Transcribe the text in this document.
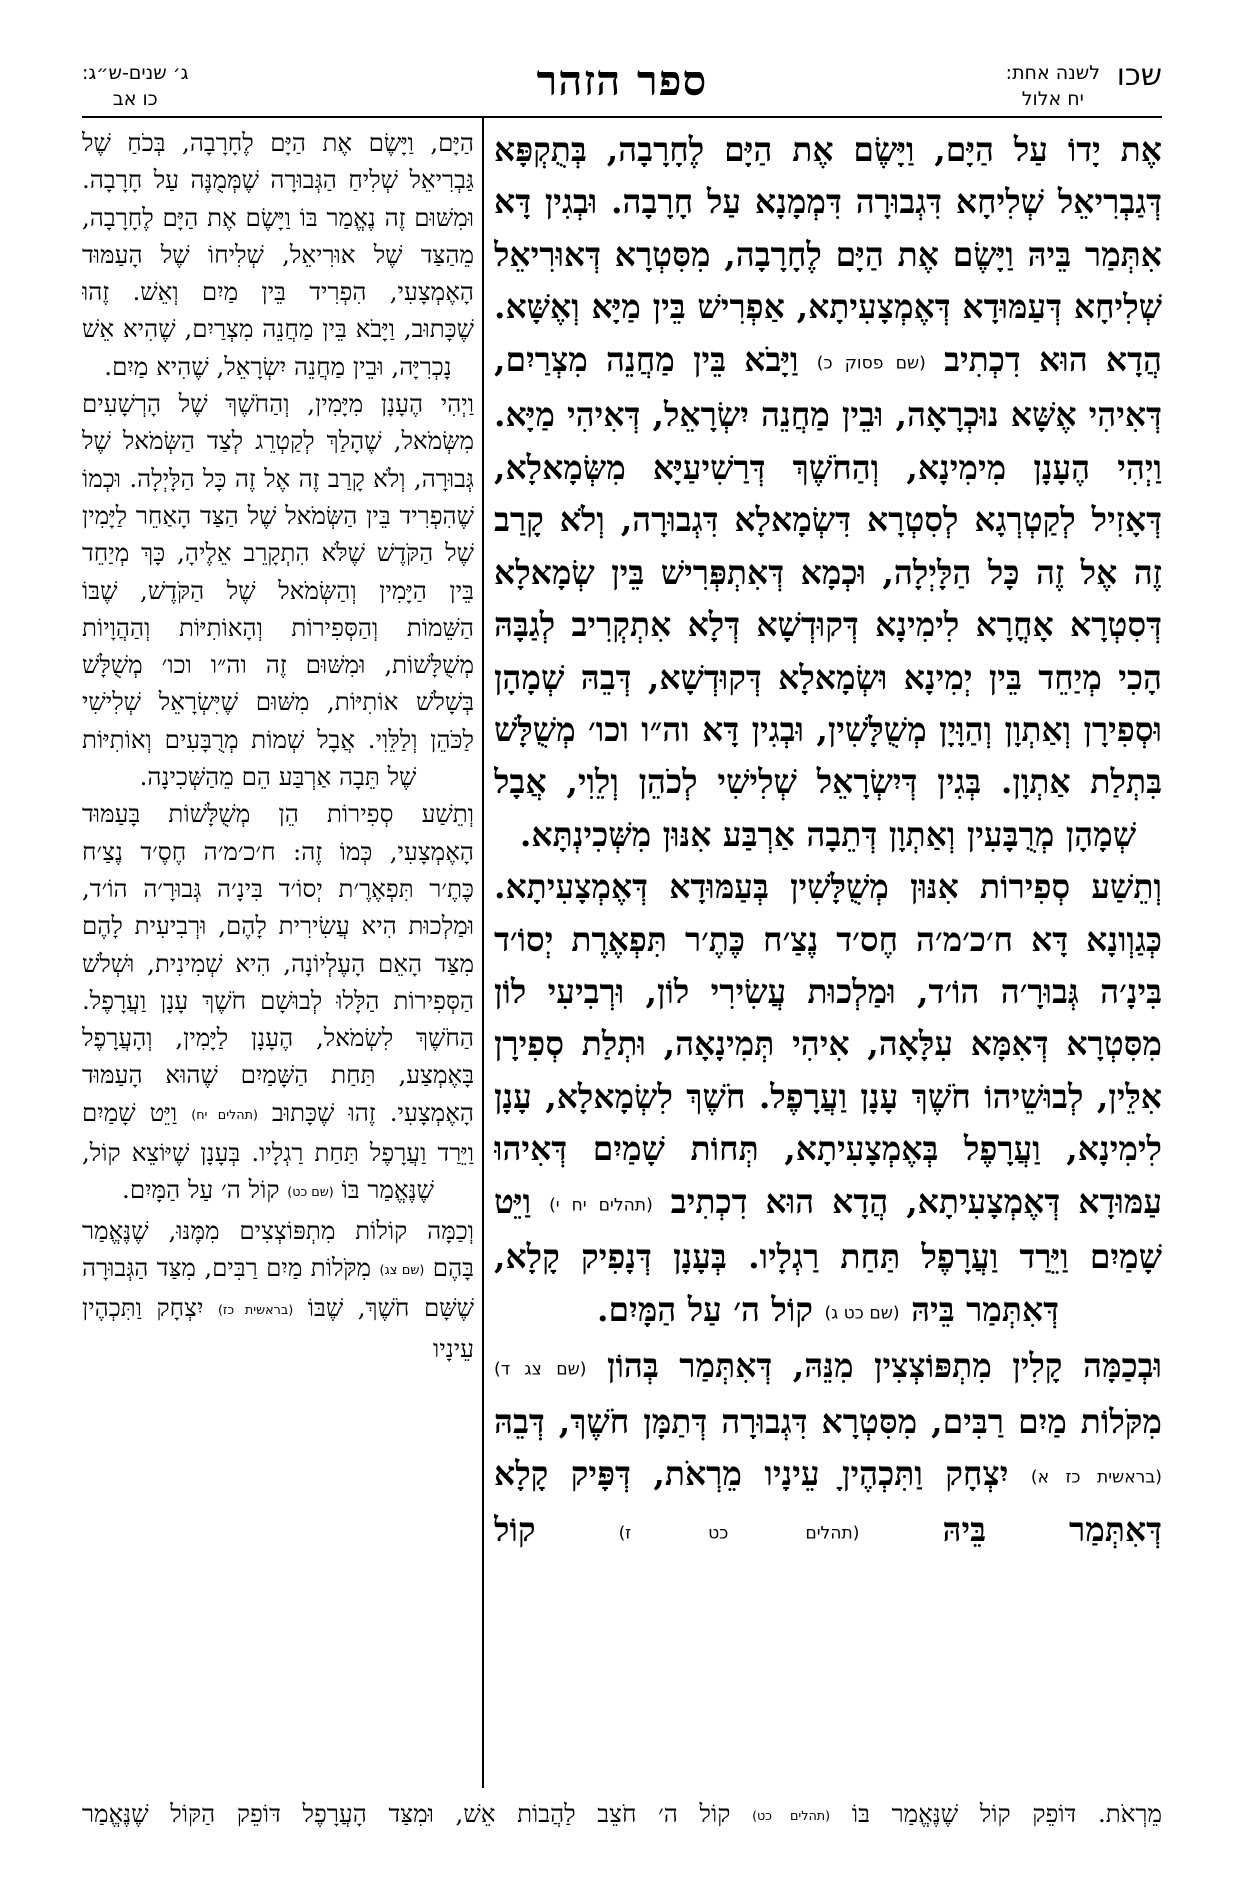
שכו
לשנה אחת:
יח אלול
ספר הזהר
ג׳ שנים-ש״ג:
כו אב

אֶת יָדוֹ עַל הַיָּם, וַיָּשֶׂם אֶת הַיָּם לֶחָרָבָה, בְּתֻקְפָּא דְּגַבְרִיאֵל שְׁלִיחָא דִּגְבוּרָה דִּמְמָנָא עַל חָרָבָה. וּבְגִין דָּא אִתְּמַר בֵּיהּ וַיָּשֶׂם אֶת הַיָּם לֶחָרָבָה, מִסִּטְרָא דְּאוּרִיאֵל שְׁלִיחָא דְּעַמּוּדָא דְּאֶמְצָעִיתָא, אַפְרִישׁ בֵּין מַיָּא וְאֶשָּׁא. הֲדָא הוּא דִכְתִיב (שם פסוק כ) וַיָּבֹא בֵּין מַחֲנֵה מִצְרַיִם, דְּאִיהִי אֶשָּׁא נוּכְרָאָה, וּבֵין מַחֲנֵה יִשְׂרָאֵל, דְּאִיהִי מַיָּא.

וַיְהִי הֶעָנָן מִימִינָא, וְהַחֹשֶׁךְ דְּרַשִׁיעַיָּא מִשְּׂמָאלָא, דְּאָזִיל לְקַטְרְגָא לְסִטְרָא דִּשְׂמָאלָא דִּגְבוּרָה, וְלֹא קָרַב זֶה אֶל זֶה כָּל הַלָּיְלָה, וּכְמָא דְּאִתְפְּרִישׁ בֵּין שְׂמָאלָא דְּסִטְרָא אָחֳרָא לִימִינָא דְּקוּדְשָׁא דְּלָא אִתְקְרִיב לְגַבָּהּ הָכִי מְיַחֵד בֵּין יְמִינָא וּשְׂמָאלָא דְּקוּדְשָׁא, דְּבֵהּ שְׁמָהָן וּסְפִירָן וְאַתְוָן וְהַוָּיָן מְשֻׁלָּשִׁין, וּבְגִין דָּא וה״ו וכו׳ מְשֻׁלָּשׁ בִּתְלַת אַתְוָן. בְּגִין דְּיִשְׂרָאֵל שְׁלִישִׁי לְכֹהֵן וְלֵוִי, אֲבָל שְׁמָהָן מְרֻבָּעִין וְאַתְוָן דְּתֵבָה אַרְבַּע אִנּוּן מִשְּׁכִינְתָּא.

וְתֵשַׁע סְפִירוֹת אִנּוּן מְשֻׁלָּשִׁין בְּעַמּוּדָא דְּאֶמְצָעִיתָא. כְּגַוְונָא דָּא ח׳כ׳מ׳ה חֶס׳ד נֶצַ׳ח כֶּתֶ׳ר תִּפְאֶרֶת יְסוֹ׳ד בִּינָ׳ה גְּבוּרָ׳ה הוֹ׳ד, וּמַלְכוּת עֲשִׂירִי לוֹן, וּרְבִיעִי לוֹן מִסִּטְרָא דְּאִמָּא עִלָּאָה, אִיהִי תְּמִינָאָה, וּתְלַת סְפִירָן אִלֵּין, לְבוּשֵׁיהוֹ חֹשֶׁךְ עָנָן וַעֲרָפֶל. חֹשֶׁךְ לִשְׂמָאלָא, עָנָן לִימִינָא, וַעֲרָפֶל בְּאֶמְצָעִיתָא, תְּחוֹת שָׁמַיִם דְּאִיהוּ עַמּוּדָא דְּאֶמְצָעִיתָא, הֲדָא הוּא דִכְתִיב (תהלים יח י) וַיֵּט שָׁמַיִם וַיֵּרַד וַעֲרָפֶל תַּחַת רַגְלָיו. בְּעָנָן דְּנָפִיק קָלָא, דְּאִתְּמַר בֵּיהּ (שם כט ג) קוֹל ה׳ עַל הַמָּיִם.

וּבְכַמָּה קָלִין מִתְפּוֹצְצִין מִנֵּהּ, דְּאִתְּמַר בְּהוֹן (שם צג ד) מִקֹּלוֹת מַיִם רַבִּים, מִסִּטְרָא דִּגְבוּרָה דְּתַמָּן חֹשֶׁךְ, דְּבֵהּ (בראשית כז א) יִצְחָק וַתִּכְהֶיןָ עֵינָיו מֵרְאֹת, דְּפָּיק קָלָא דְּאִתְּמַר בֵּיהּ (תהלים כט ז) קוֹל

הַיָּם, וַיָּשֶׂם אֶת הַיָּם לֶחָרָבָה, בְּכֹחַ שֶׁל גַּבְרִיאֵל שְׁלִיחַ הַגְּבוּרָה שֶׁמְּמֻנֶּה עַל חָרָבָה. וּמִשּׁוּם זֶה נֶאֱמַר בּוֹ וַיָּשֶׂם אֶת הַיָּם לֶחָרָבָה, מֵהַצַּד שֶׁל אוּרִיאֵל, שְׁלִיחוֹ שֶׁל הָעַמּוּד הָאֶמְצָעִי, הִפְרִיד בֵּין מַיִם וְאֵשׁ. זֶהוּ שֶׁכָּתוּב, וַיָּבֹא בֵּין מַחֲנֵה מִצְרַיִם, שֶׁהִיא אֵשׁ נָכְרִיָּה, וּבֵין מַחֲנֵה יִשְׂרָאֵל, שֶׁהִיא מַיִם.

וַיְהִי הֶעָנָן מִיָּמִין, וְהַחֹשֶׁךְ שֶׁל הָרְשָׁעִים מִשְּׂמֹאל, שֶׁהָלַךְ לְקַטְרֵג לְצַד הַשְּׂמֹאל שֶׁל גְּבוּרָה, וְלֹא קָרַב זֶה אֶל זֶה כָּל הַלָּיְלָה. וּכְמוֹ שֶׁהִפְרִיד בֵּין הַשְּׂמֹאל שֶׁל הַצַּד הָאַחֵר לַיָּמִין שֶׁל הַקֹּדֶשׁ שֶׁלֹּא הִתְקָרֵב אֵלֶיהָ, כָּךְ מְיַחֵד בֵּין הַיָּמִין וְהַשְּׂמֹאל שֶׁל הַקֹּדֶשׁ, שֶׁבּוֹ הַשֵּׁמוֹת וְהַסְּפִירוֹת וְהָאוֹתִיּוֹת וְהַהֲוָיוֹת מְשֻׁלָּשׁוֹת, וּמִשּׁוּם זֶה וה״ו וכו׳ מְשֻׁלָּשׁ בְּשָׁלֹשׁ אוֹתִיּוֹת, מִשּׁוּם שֶׁיִּשְׂרָאֵל שְׁלִישִׁי לַכֹּהֵן וְלַלֵּוִי. אֲבָל שְׁמוֹת מְרֻבָּעִים וְאוֹתִיּוֹת שֶׁל תֵּבָה אַרְבַּע הֵם מֵהַשְּׁכִינָה.

וְתֵשַׁע סְפִירוֹת הֵן מְשֻׁלָּשׁוֹת בָּעַמּוּד הָאֶמְצָעִי, כְּמוֹ זֶה: ח׳כ׳מ׳ה חֶסֶ׳ד נֶצַ׳ח כֶּתֶ׳ר תִּפְאֶרֶ׳ת יְסוֹ׳ד בִּינָ׳ה גְּבוּרָ׳ה הוֹ׳ד, וּמַלְכוּת הִיא עֲשִׂירִית לָהֶם, וּרְבִיעִית לָהֶם מִצַּד הָאֵם הָעֶלְיוֹנָה, הִיא שְׁמִינִית, וּשְׁלֹשׁ הַסְּפִירוֹת הַלָּלוּ לְבוּשָׁם חֹשֶׁךְ עָנָן וַעֲרָפֶל. הַחֹשֶׁךְ לִשְׂמֹאל, הֶעָנָן לַיָּמִין, וְהָעֲרָפֶל בָּאֶמְצַע, תַּחַת הַשָּׁמַיִם שֶׁהוּא הָעַמּוּד הָאֶמְצָעִי. זֶהוּ שֶׁכָּתוּב (תהלים יח) וַיֵּט שָׁמַיִם וַיֵּרַד וַעֲרָפֶל תַּחַת רַגְלָיו. בְּעָנָן שֶׁיּוֹצֵא קוֹל, שֶׁנֶּאֱמַר בּוֹ (שם כט) קוֹל ה׳ עַל הַמָּיִם.

וְכַמָּה קוֹלוֹת מִתְפּוֹצְצִים מִמֶּנּוּ, שֶׁנֶּאֱמַר בָּהֶם (שם צג) מִקֹּלוֹת מַיִם רַבִּים, מִצַּד הַגְּבוּרָה שֶׁשָּׁם חֹשֶׁךְ, שֶׁבּוֹ (בראשית כז) יִצְחָק וַתִּכְהֶיןָ עֵינָיו

מֵרְאֹת. דּוֹפֵק קוֹל שֶׁנֶּאֱמַר בּוֹ (תהלים כט) קוֹל ה׳ חֹצֵב לַהֲבוֹת אֵשׁ, וּמִצַּד הָעֲרָפֶל דּוֹפֵק הַקּוֹל שֶׁנֶּאֱמַר
